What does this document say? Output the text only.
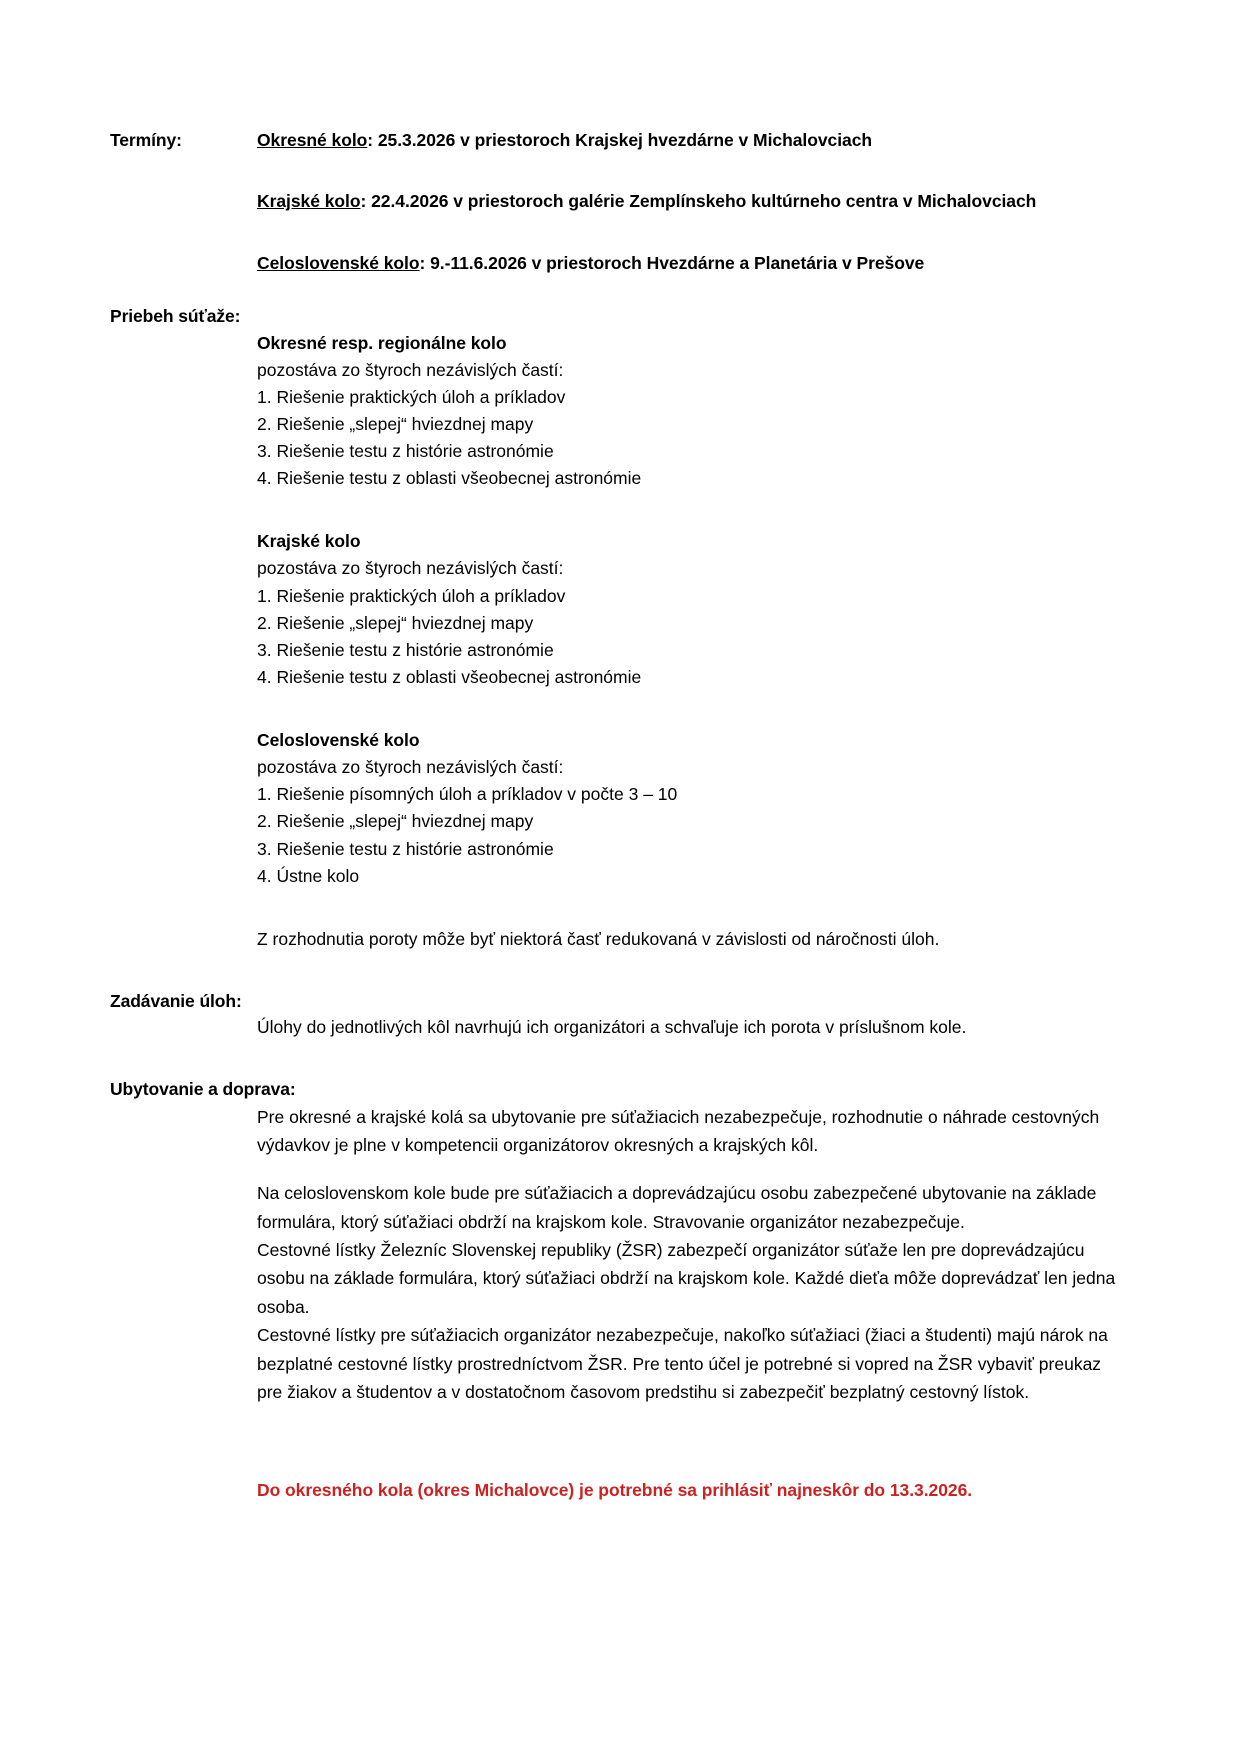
Termíny:	Okresné kolo: 25.3.2026 v priestoroch Krajskej hvezdárne v Michalovciach
Krajské kolo: 22.4.2026 v priestoroch galérie Zemplínskeho kultúrneho centra v Michalovciach
Celoslovenské kolo: 9.-11.6.2026 v priestoroch Hvezdárne a Planetária v Prešove
Priebeh súťaže:
Okresné resp. regionálne kolo
pozostáva zo štyroch nezávislých častí:
1. Riešenie praktických úloh a príkladov
2. Riešenie „slepej“ hviezdnej mapy
3. Riešenie testu z histórie astronómie
4. Riešenie testu z oblasti všeobecnej astronómie
Krajské kolo
pozostáva zo štyroch nezávislých častí:
1. Riešenie praktických úloh a príkladov
2. Riešenie „slepej“ hviezdnej mapy
3. Riešenie testu z histórie astronómie
4. Riešenie testu z oblasti všeobecnej astronómie
Celoslovenské kolo
pozostáva zo štyroch nezávislých častí:
1. Riešenie písomných úloh a príkladov v počte 3 – 10
2. Riešenie „slepej“ hviezdnej mapy
3. Riešenie testu z histórie astronómie
4. Ústne kolo
Z rozhodnutia poroty môže byť niektorá časť redukovaná v závislosti od náročnosti úloh.
Zadávanie úloh:
Úlohy do jednotlivých kôl navrhujú ich organizátori a schvaľuje ich porota v príslušnom kole.
Ubytovanie a doprava:
Pre okresné a krajské kolá sa ubytovanie pre súťažiacich nezabezpečuje, rozhodnutie o náhrade cestovných výdavkov je plne v kompetencii organizátorov okresných a krajských kôl.
Na celoslovenskom kole bude pre súťažiacich a doprevádzajúcu osobu zabezpečené ubytovanie na základe formulára, ktorý súťažiaci obdrží na krajskom kole. Stravovanie organizátor nezabezpečuje.
Cestovné lístky Železníc Slovenskej republiky (ŽSR) zabezpečí organizátor súťaže len pre doprevádzajúcu osobu na základe formulára, ktorý súťažiaci obdrží na krajskom kole. Každé dieťa môže doprevádzať len jedna osoba.
Cestovné lístky pre súťažiacich organizátor nezabezpečuje, nakoľko súťažiaci (žiaci a študenti) majú nárok na bezplatné cestovné lístky prostredníctvom ŽSR. Pre tento účel je potrebné si vopred na ŽSR vybaviť preukaz pre žiakov a študentov a v dostatočnom časovom predstihu si zabezpečiť bezplatný cestovný lístok.
Do okresného kola (okres Michalovce) je potrebné sa prihlásiť najneskôr do 13.3.2026.
